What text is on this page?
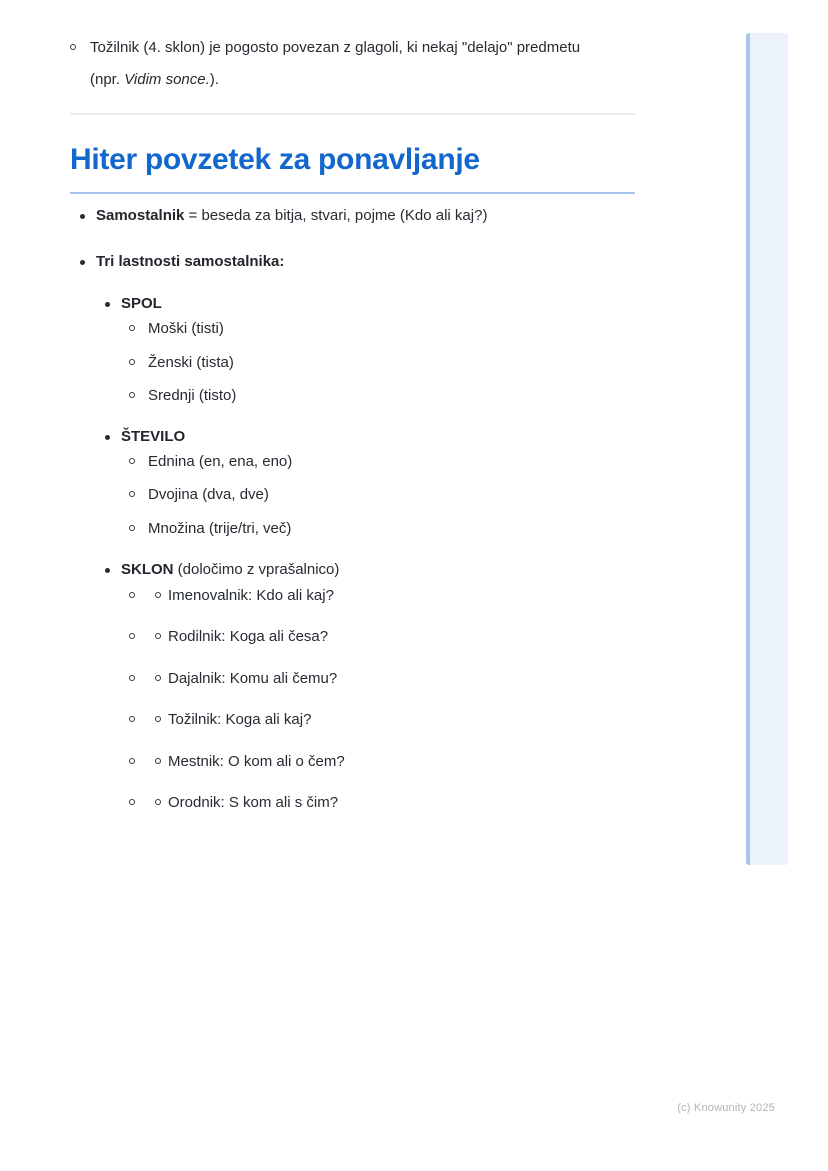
Tožilnik (4. sklon) je pogosto povezan z glagoli, ki nekaj "delajo" predmetu (npr. Vidim sonce.).
Hiter povzetek za ponavljanje
Samostalnik = beseda za bitja, stvari, pojme (Kdo ali kaj?)
Tri lastnosti samostalnika:
SPOL
Moški (tisti)
Ženski (tista)
Srednji (tisto)
ŠTEVILO
Ednina (en, ena, eno)
Dvojina (dva, dve)
Množina (trije/tri, več)
SKLON (določimo z vprašalnico)
Imenovalnik: Kdo ali kaj?
Rodilnik: Koga ali česa?
Dajalnik: Komu ali čemu?
Tožilnik: Koga ali kaj?
Mestnik: O kom ali o čem?
Orodnik: S kom ali s čim?
(c) Knowunity 2025
